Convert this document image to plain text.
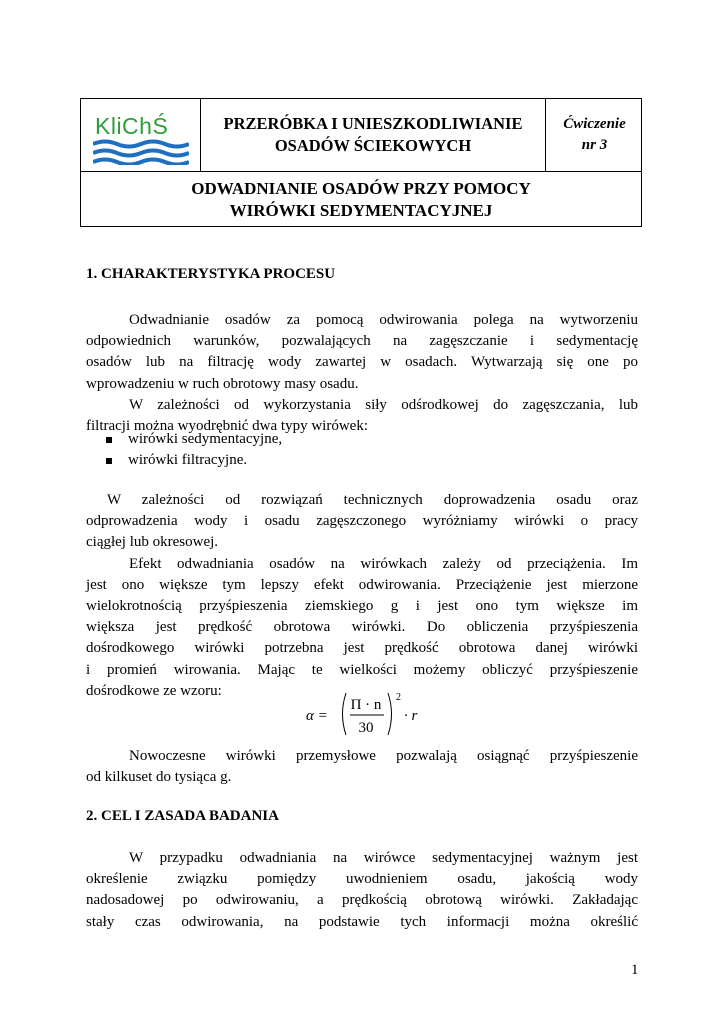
KliChŚ	PRZERÓBKA I UNIESZKODLIWIANIE
OSADÓW ŚCIEKOWYCH
Ćwiczenie
nr 3
ODWADNIANIE OSADÓW PRZY POMOCY
WIRÓWKI SEDYMENTACYJNEJ
1. CHARAKTERYSTYKA PROCESU
Odwadnianie osadów za pomocą odwirowania polega na wytworzeniu
odpowiednich warunków, pozwalających na zagęszczanie i sedymentację
osadów lub na filtrację wody zawartej w osadach. Wytwarzają się one po
wprowadzeniu w ruch obrotowy masy osadu.
W zależności od wykorzystania siły odśrodkowej do zagęszczania, lub
filtracji można wyodrębnić dwa typy wirówek:
wirówki sedymentacyjne,
wirówki filtracyjne.
W zależności od rozwiązań technicznych doprowadzenia osadu oraz
odprowadzenia wody i osadu zagęszczonego wyróżniamy wirówki o pracy
ciągłej lub okresowej.
Efekt odwadniania osadów na wirówkach zależy od przeciążenia. Im
jest ono większe tym lepszy efekt odwirowania. Przeciążenie jest mierzone
wielokrotnością przyśpieszenia ziemskiego g i jest ono tym większe im
większa jest prędkość obrotowa wirówki. Do obliczenia przyśpieszenia
dośrodkowego wirówki potrzebna jest prędkość obrotowa danej wirówki
i promień wirowania. Mając te wielkości możemy obliczyć przyśpieszenie
dośrodkowe ze wzoru:
α =
Π · n
30
2
· r
Nowoczesne wirówki przemysłowe pozwalają osiągnąć przyśpieszenie
od kilkuset do tysiąca g.
2. CEL I ZASADA BADANIA
W przypadku odwadniania na wirówce sedymentacyjnej ważnym jest
określenie związku pomiędzy uwodnieniem osadu, jakością wody
nadosadowej po odwirowaniu, a prędkością obrotową wirówki. Zakładając
stały czas odwirowania, na podstawie tych informacji można określić
1
